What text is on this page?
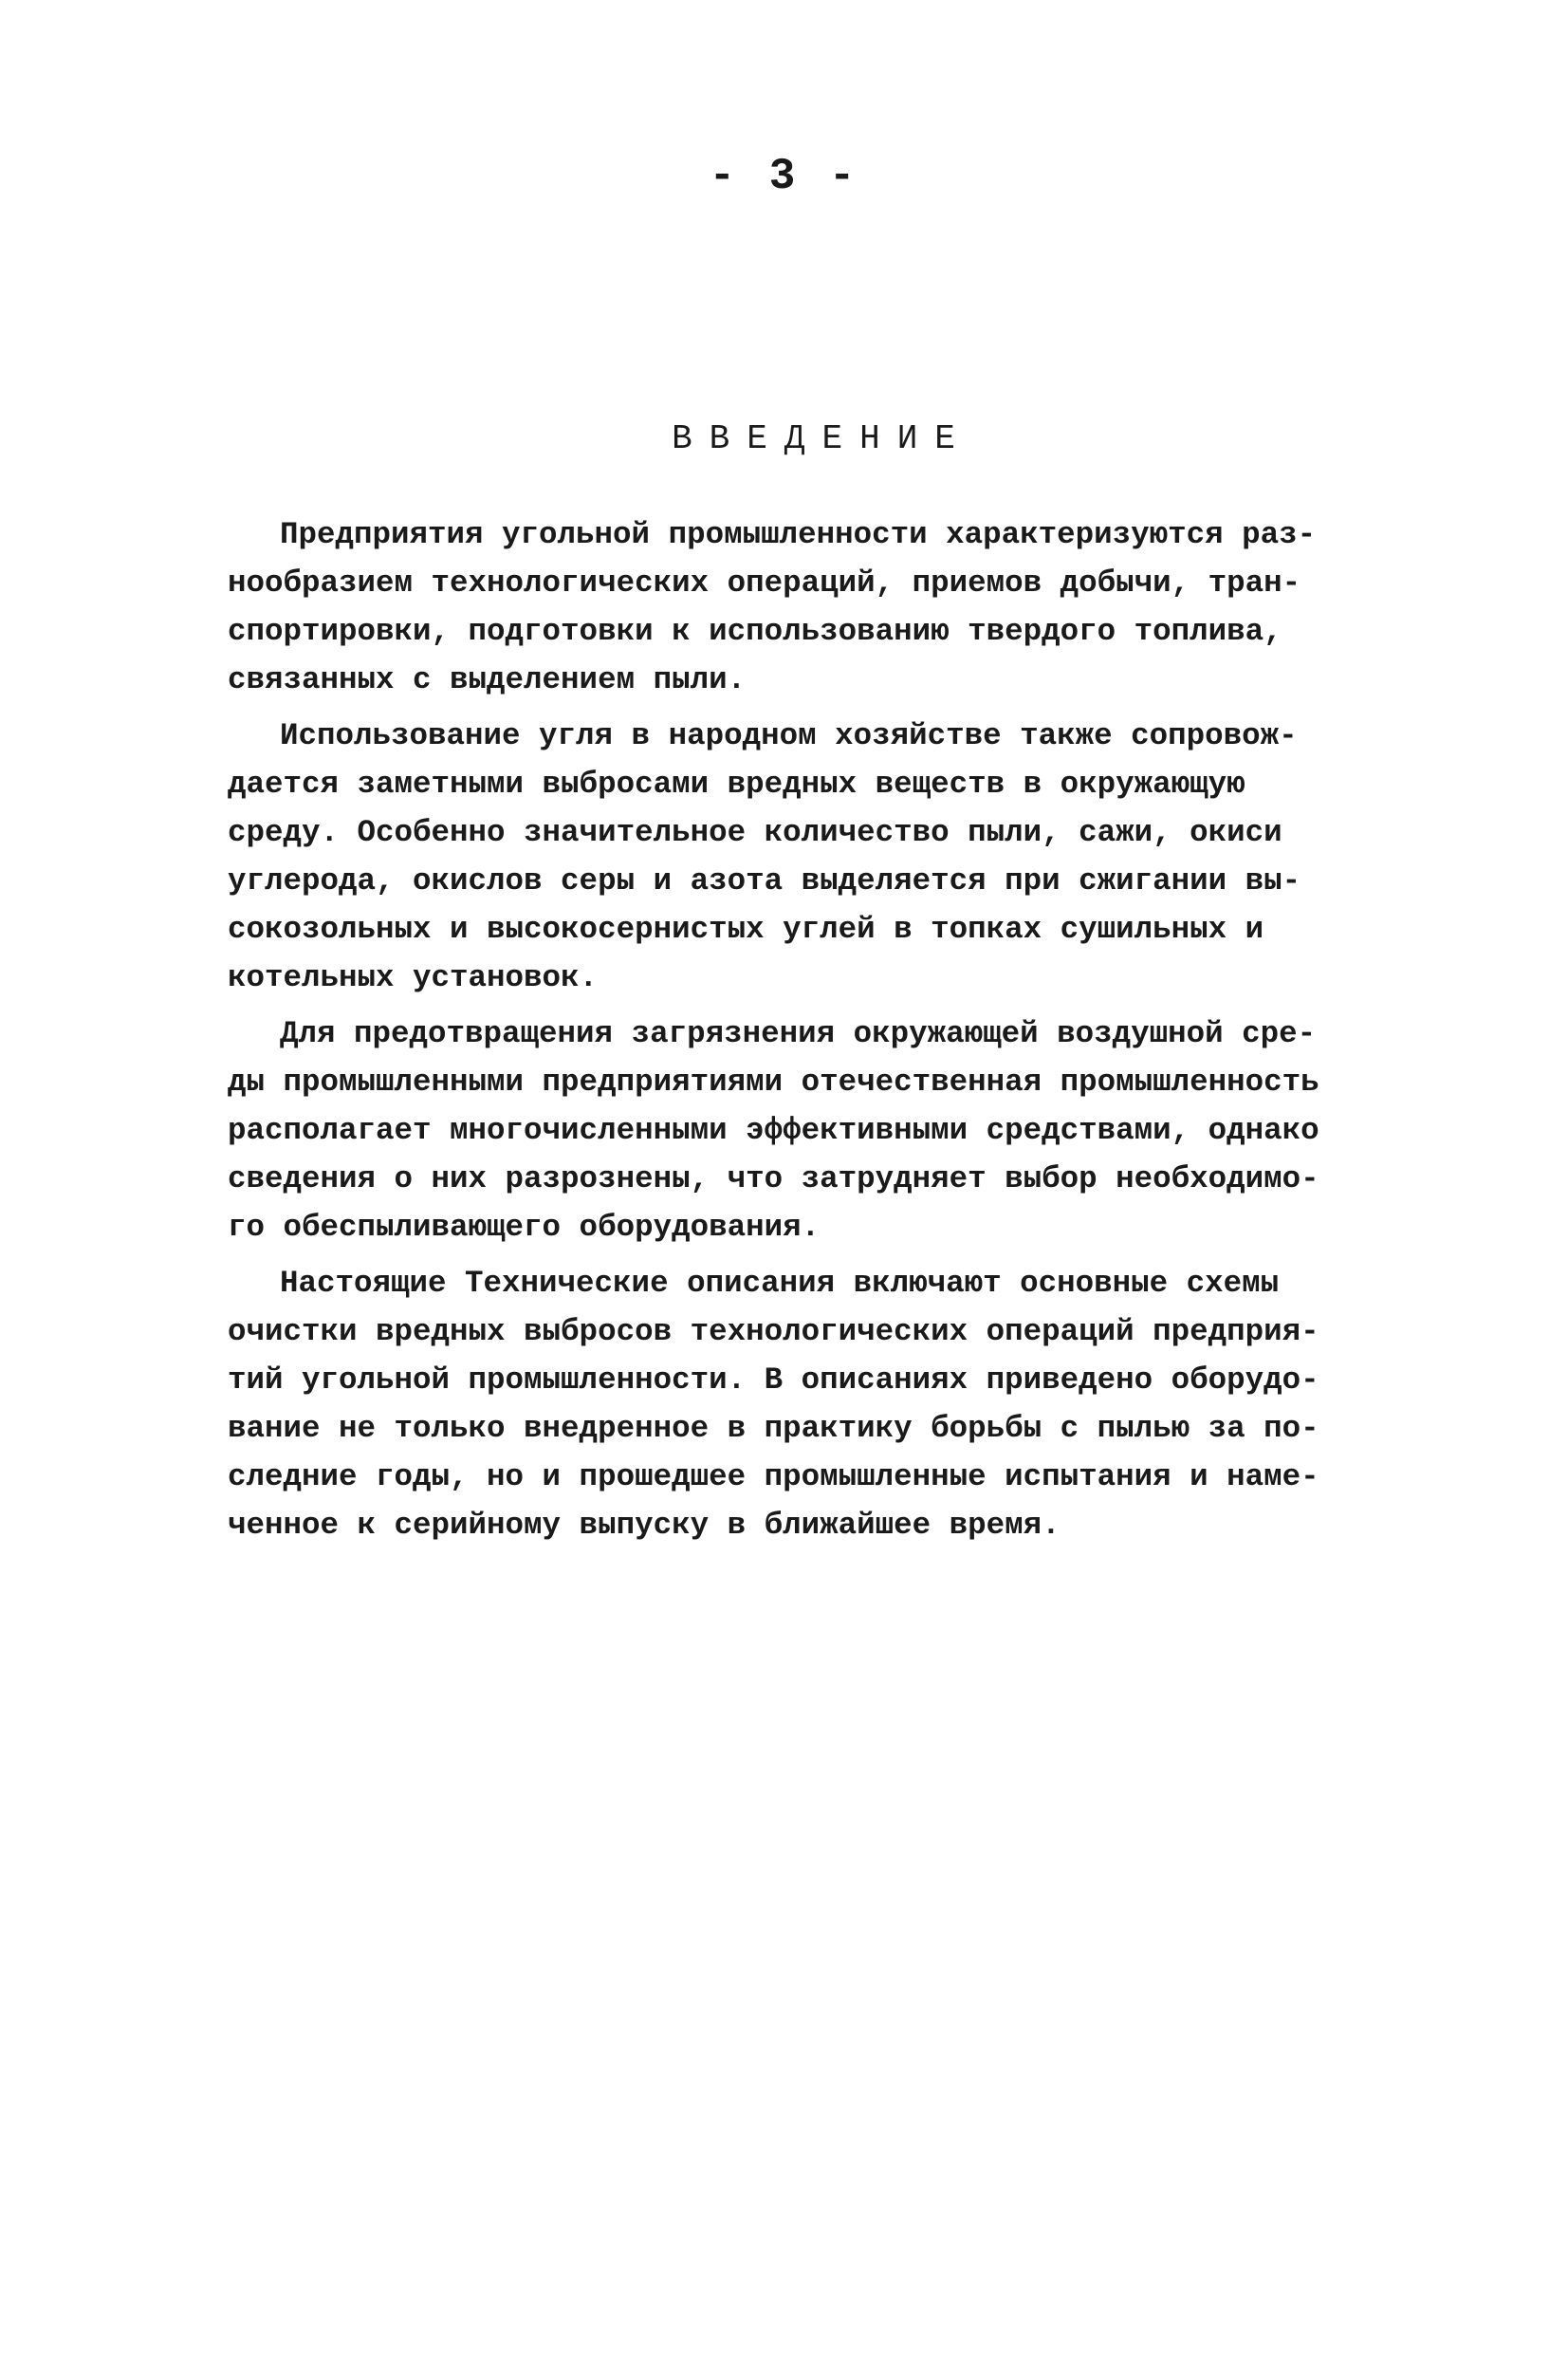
- 3 -
ВВЕДЕНИЕ
Предприятия угольной промышленности характеризуются раз-
нообразием технологических операций, приемов добычи, тран-
спортировки, подготовки к использованию твердого топлива,
связанных с выделением пыли.
Использование угля в народном хозяйстве также сопровож-
дается заметными выбросами вредных веществ в окружающую
среду. Особенно значительное количество пыли, сажи, окиси
углерода, окислов серы и азота выделяется при сжигании вы-
сокозольных и высокосернистых углей в топках сушильных и
котельных установок.
Для предотвращения загрязнения окружающей воздушной сре-
ды промышленными предприятиями отечественная промышленность
располагает многочисленными эффективными средствами, однако
сведения о них разрознены, что затрудняет выбор необходимо-
го обеспыливающего оборудования.
Настоящие Технические описания включают основные схемы
очистки вредных выбросов технологических операций предприя-
тий угольной промышленности. В описаниях приведено оборудо-
вание не только внедренное в практику борьбы с пылью за по-
следние годы, но и прошедшее промышленные испытания и наме-
ченное к серийному выпуску в ближайшее время.
